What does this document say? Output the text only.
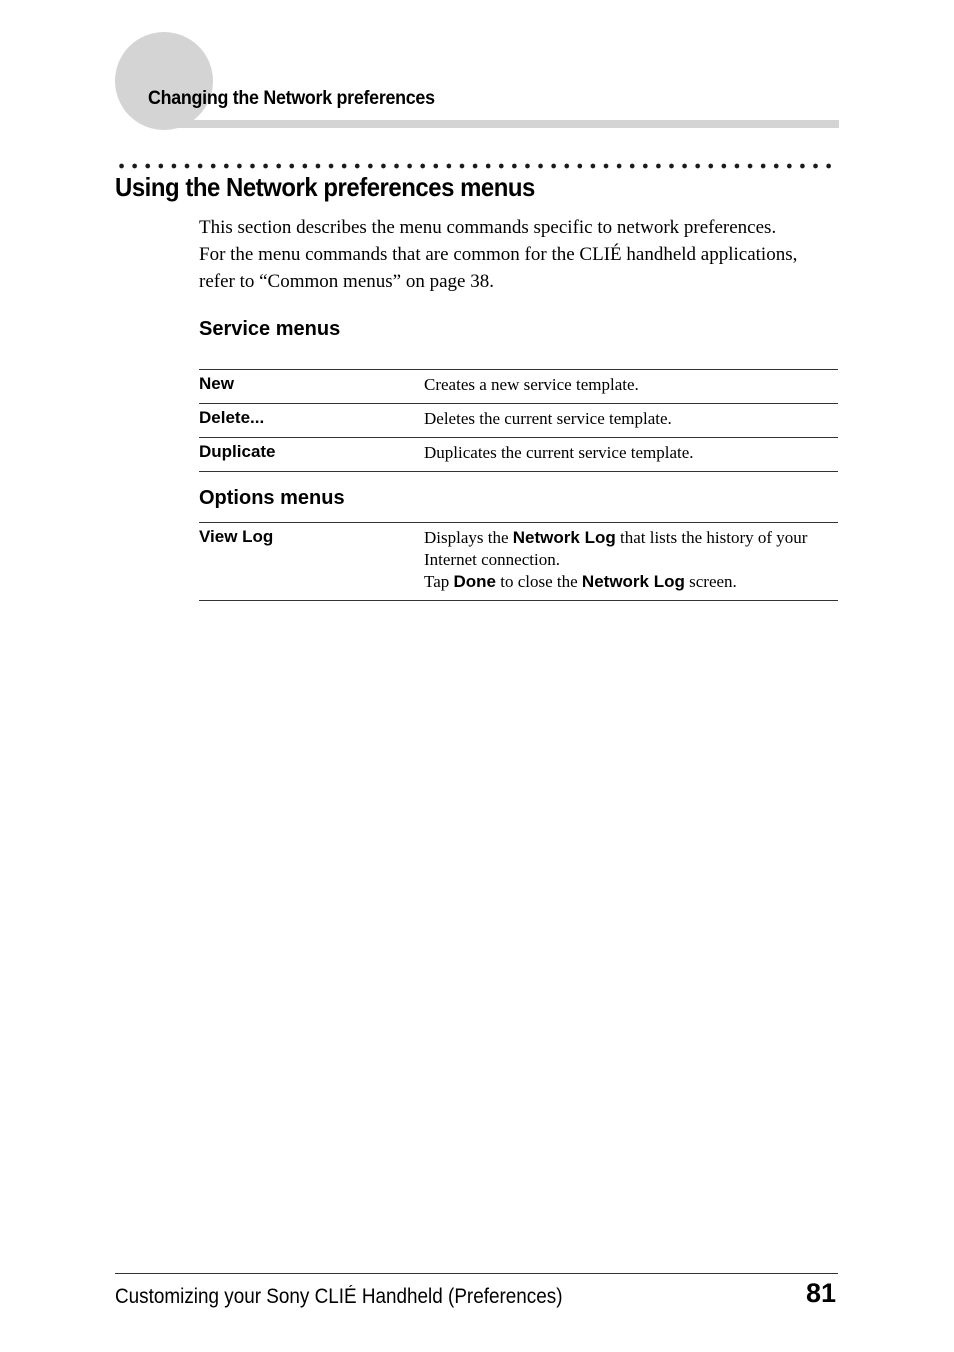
Changing the Network preferences
Using the Network preferences menus

This section describes the menu commands specific to network preferences.

For the menu commands that are common for the CLIÉ handheld applications,

refer to “Common menus” on page 38.

Service menus
New	Creates a new service template.
Delete...	Deletes the current service template.
Duplicate	Duplicates the current service template.
Options menus
View Log	Displays the Network Log that lists the history of your
Internet connection.
Tap Done to close the Network Log screen.
Customizing your Sony CLIÉ Handheld (Preferences)	81
